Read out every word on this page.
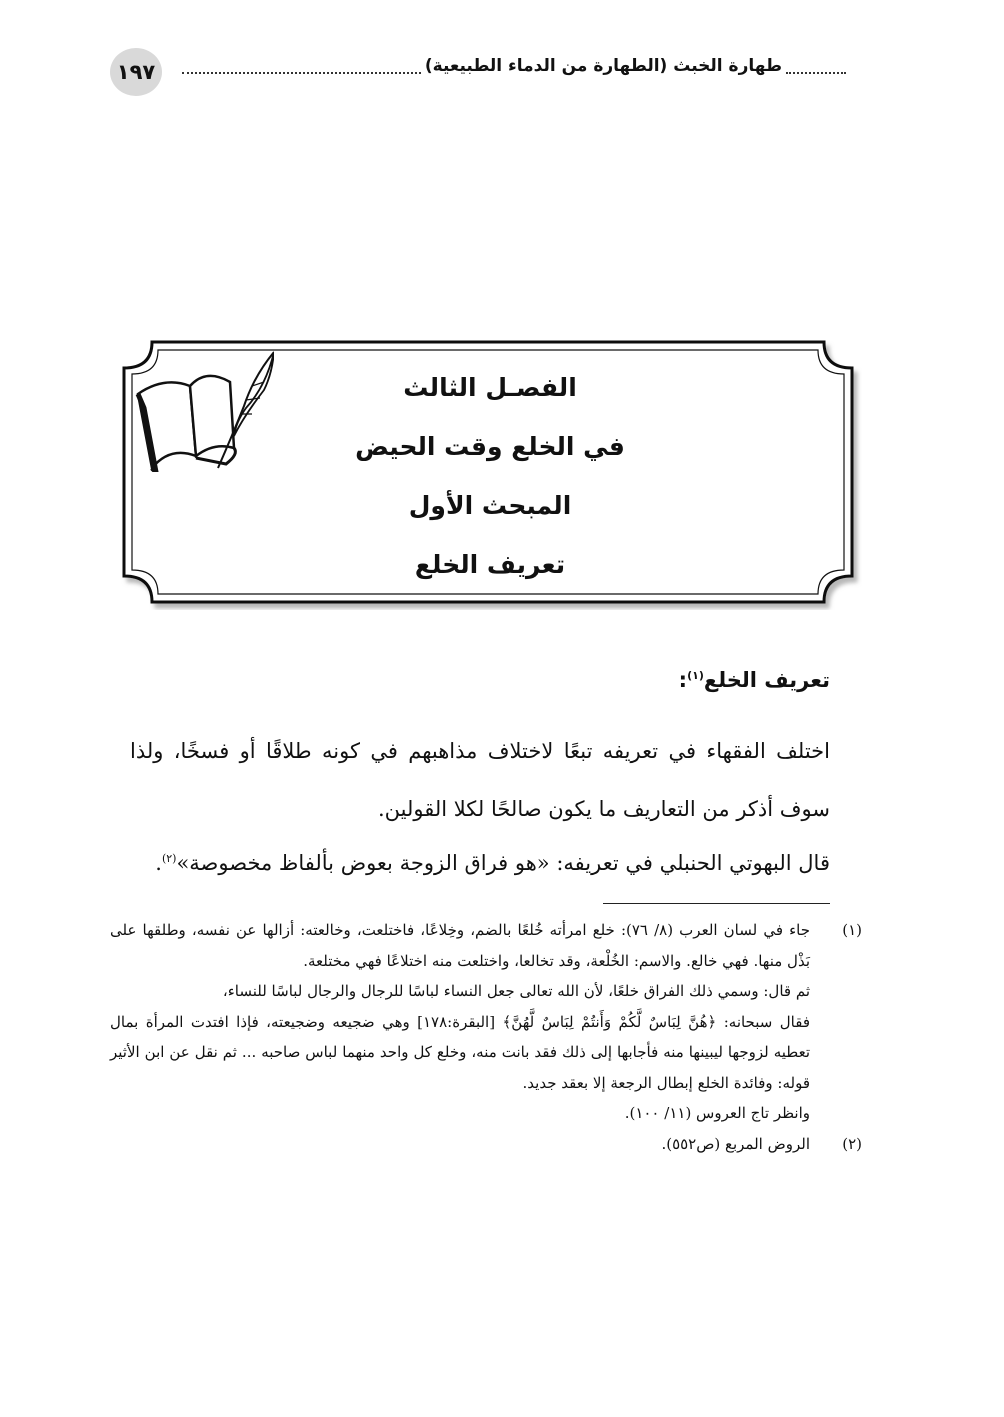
١٩٧	طهارة الخبث (الطهارة من الدماء الطبيعية)
الفصـل الثالث
في الخلع وقت الحيض
المبحث الأول
تعريف الخلع
تعريف الخلع$^{(١)}$:
اختلف الفقهاء في تعريفه تبعًا لاختلاف مذاهبهم في كونه طلاقًا أو فسخًا، ولذا سوف أذكر من التعاريف ما يكون صالحًا لكلا القولين.
قال البهوتي الحنبلي في تعريفه: «هو فراق الزوجة بعوض بألفاظ مخصوصة»$^{(٢)}$.
(١)

جاء في لسان العرب (٨/ ٧٦): خلع امرأته خُلعًا بالضم، وخِلاعًا، فاختلعت، وخالعته: أزالها عن نفسه، وطلقها على بَذْل منها. فهي خالع. والاسم: الخُلْعة، وقد تخالعا، واختلعت منه اختلاعًا فهي مختلعة.

ثم قال: وسمي ذلك الفراق خلعًا، لأن الله تعالى جعل النساء لباسًا للرجال والرجال لباسًا للنساء،

فقال سبحانه: ﴿هُنَّ لِبَاسٌ لَّكُمْ وَأَنتُمْ لِبَاسٌ لَّهُنَّ﴾ [البقرة:١٧٨] وهي ضجيعه وضجيعته، فإذا افتدت المرأة بمال تعطيه لزوجها ليبينها منه فأجابها إلى ذلك فقد بانت منه، وخلع كل واحد منهما لباس صاحبه ... ثم نقل عن ابن الأثير قوله: وفائدة الخلع إبطال الرجعة إلا بعقد جديد.

وانظر تاج العروس (١١/ ١٠٠).

(٢)

الروض المربع (ص٥٥٢).
